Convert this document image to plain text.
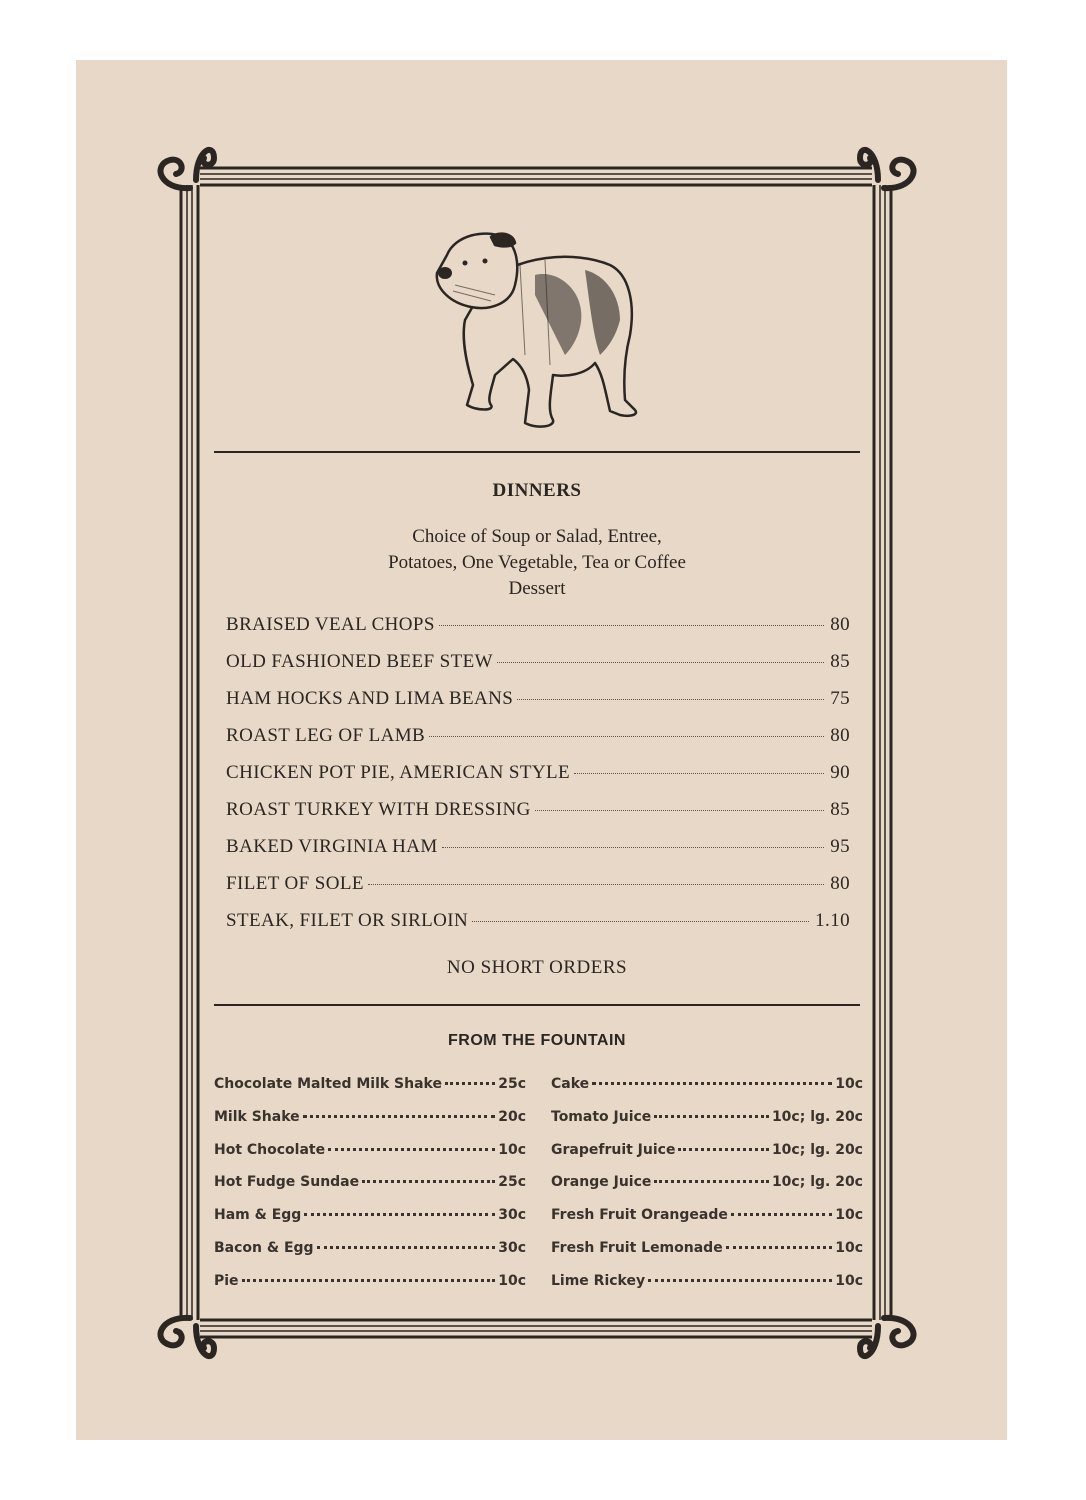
DINNERS
Choice of Soup or Salad, Entree,
Potatoes, One Vegetable, Tea or Coffee
Dessert
BRAISED VEAL CHOPS	80
OLD FASHIONED BEEF STEW	85
HAM HOCKS AND LIMA BEANS	75
ROAST LEG OF LAMB	80
CHICKEN POT PIE, AMERICAN STYLE	90
ROAST TURKEY WITH DRESSING	85
BAKED VIRGINIA HAM	95
FILET OF SOLE	80
STEAK, FILET OR SIRLOIN	1.10
NO SHORT ORDERS
FROM THE FOUNTAIN
Chocolate Malted Milk Shake	25c
Milk Shake	20c
Hot Chocolate	10c
Hot Fudge Sundae	25c
Ham & Egg	30c
Bacon & Egg	30c
Pie	10c
Cake	10c
Tomato Juice	10c; lg. 20c
Grapefruit Juice	10c; lg. 20c
Orange Juice	10c; lg. 20c
Fresh Fruit Orangeade	10c
Fresh Fruit Lemonade	10c
Lime Rickey	10c
